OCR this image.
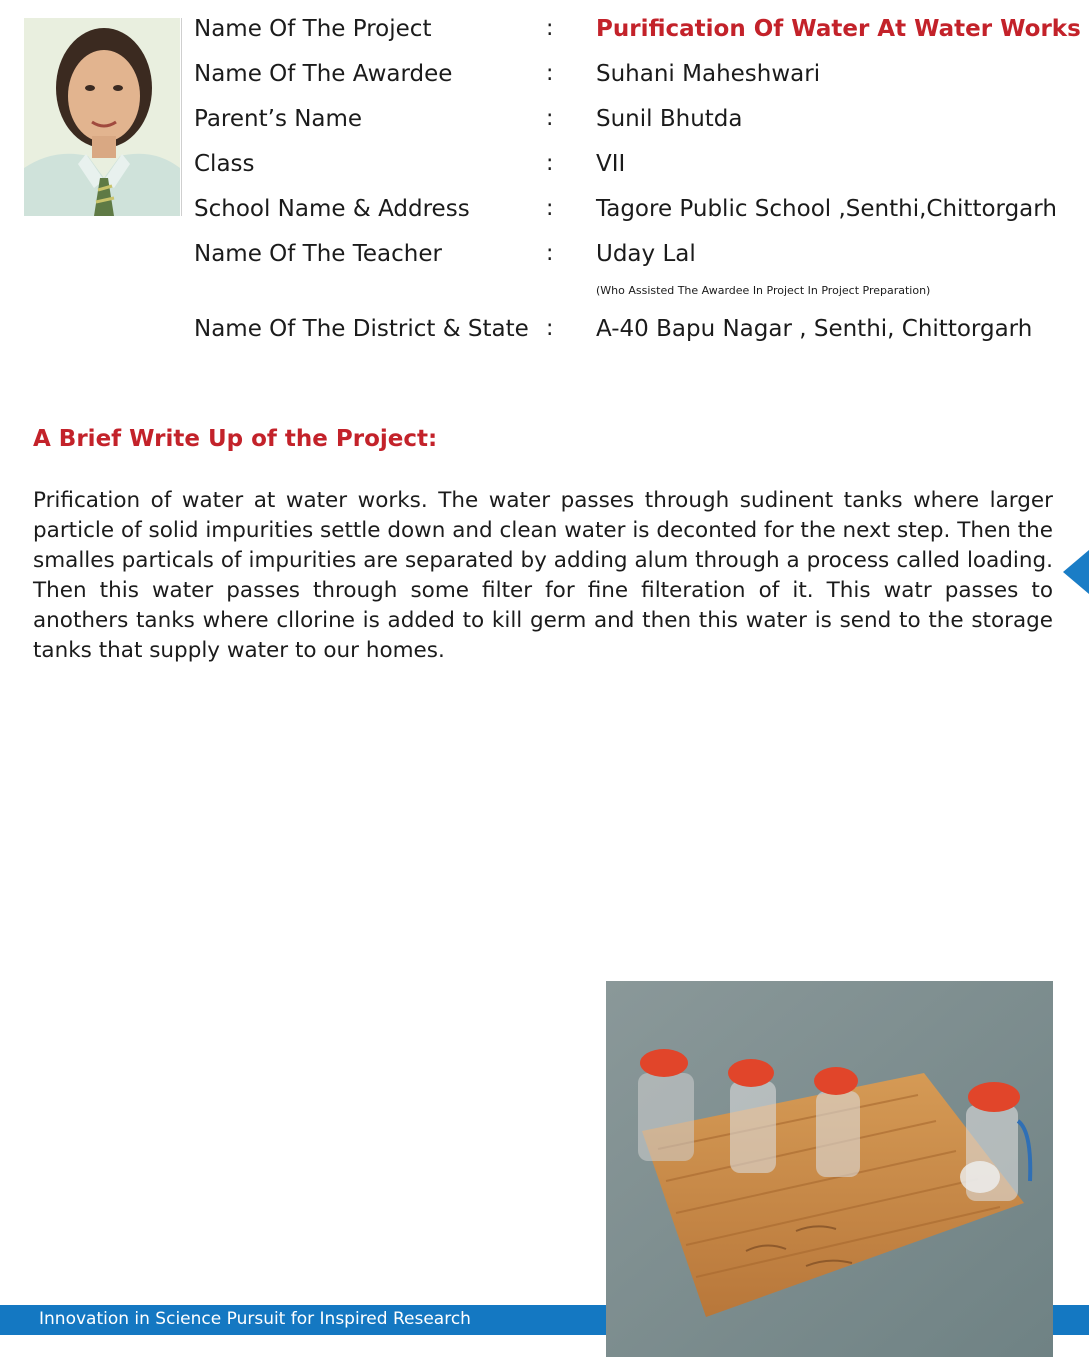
Name Of The Project	: Purification Of Water At Water Works
Name Of The Awardee	: Suhani Maheshwari
Parent’s Name	: Sunil Bhutda
Class	: VII
School Name & Address	: Tagore Public School ,Senthi,Chittorgarh
Name Of The Teacher	: Uday Lal
(Who Assisted The Awardee In Project In Project Preparation)
Name Of The District & State : A-40 Bapu Nagar , Senthi, Chittorgarh
A Brief Write Up of the Project:

Prification of water at water works. The water passes through sudinent tanks where larger particle of solid impurities settle down and clean water is deconted for the next step. Then the smalles particals of impurities are separated by adding alum through a process called loading. Then this water passes through some filter for fine filteration of it. This watr passes to anothers tanks where cllorine is added to kill germ and then this water is send to the storage tanks that supply water to our homes.

Innovation in Science Pursuit for Inspired Research
